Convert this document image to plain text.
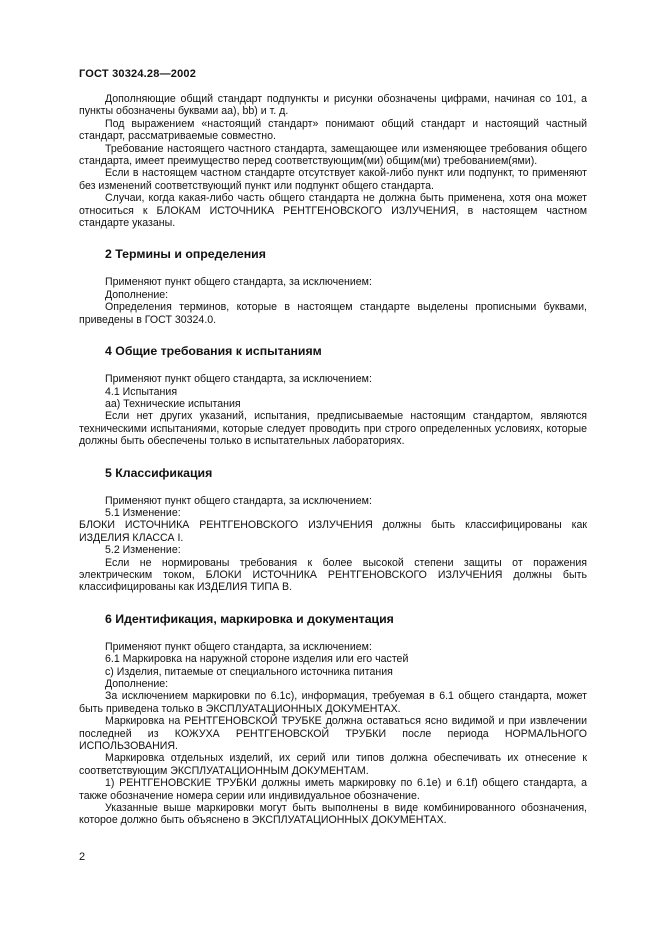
ГОСТ 30324.28—2002

Дополняющие общий стандарт подпункты и рисунки обозначены цифрами, начиная со 101, а пункты обозначены буквами aa), bb) и т. д.

Под выражением «настоящий стандарт» понимают общий стандарт и настоящий частный стандарт, рассматриваемые совместно.

Требование настоящего частного стандарта, замещающее или изменяющее требования общего стандарта, имеет преимущество перед соответствующим(ми) общим(ми) требованием(ями).

Если в настоящем частном стандарте отсутствует какой-либо пункт или подпункт, то применяют без изменений соответствующий пункт или подпункт общего стандарта.

Случаи, когда какая-либо часть общего стандарта не должна быть применена, хотя она может относиться к БЛОКАМ ИСТОЧНИКА РЕНТГЕНОВСКОГО ИЗЛУЧЕНИЯ, в настоящем частном стандарте указаны.

2 Термины и определения

Применяют пункт общего стандарта, за исключением:

Дополнение:

Определения терминов, которые в настоящем стандарте выделены прописными буквами, приведены в ГОСТ 30324.0.

4 Общие требования к испытаниям

Применяют пункт общего стандарта, за исключением:

4.1 Испытания

aa) Технические испытания

Если нет других указаний, испытания, предписываемые настоящим стандартом, являются техническими испытаниями, которые следует проводить при строго определенных условиях, которые должны быть обеспечены только в испытательных лабораториях.

5 Классификация

Применяют пункт общего стандарта, за исключением:

5.1 Изменение:

БЛОКИ ИСТОЧНИКА РЕНТГЕНОВСКОГО ИЗЛУЧЕНИЯ должны быть классифицированы как ИЗДЕЛИЯ КЛАССА I.

5.2 Изменение:

Если не нормированы требования к более высокой степени защиты от поражения электрическим током, БЛОКИ ИСТОЧНИКА РЕНТГЕНОВСКОГО ИЗЛУЧЕНИЯ должны быть классифицированы как ИЗДЕЛИЯ ТИПА B.

6 Идентификация, маркировка и документация

Применяют пункт общего стандарта, за исключением:

6.1 Маркировка на наружной стороне изделия или его частей

c) Изделия, питаемые от специального источника питания

Дополнение:

За исключением маркировки по 6.1c), информация, требуемая в 6.1 общего стандарта, может быть приведена только в ЭКСПЛУАТАЦИОННЫХ ДОКУМЕНТАХ.

Маркировка на РЕНТГЕНОВСКОЙ ТРУБКЕ должна оставаться ясно видимой и при извлечении последней из КОЖУХА РЕНТГЕНОВСКОЙ ТРУБКИ после периода НОРМАЛЬНОГО ИСПОЛЬЗОВАНИЯ.

Маркировка отдельных изделий, их серий или типов должна обеспечивать их отнесение к соответствующим ЭКСПЛУАТАЦИОННЫМ ДОКУМЕНТАМ.

1) РЕНТГЕНОВСКИЕ ТРУБКИ должны иметь маркировку по 6.1e) и 6.1f) общего стандарта, а также обозначение номера серии или индивидуальное обозначение.

Указанные выше маркировки могут быть выполнены в виде комбинированного обозначения, которое должно быть объяснено в ЭКСПЛУАТАЦИОННЫХ ДОКУМЕНТАХ.

2
